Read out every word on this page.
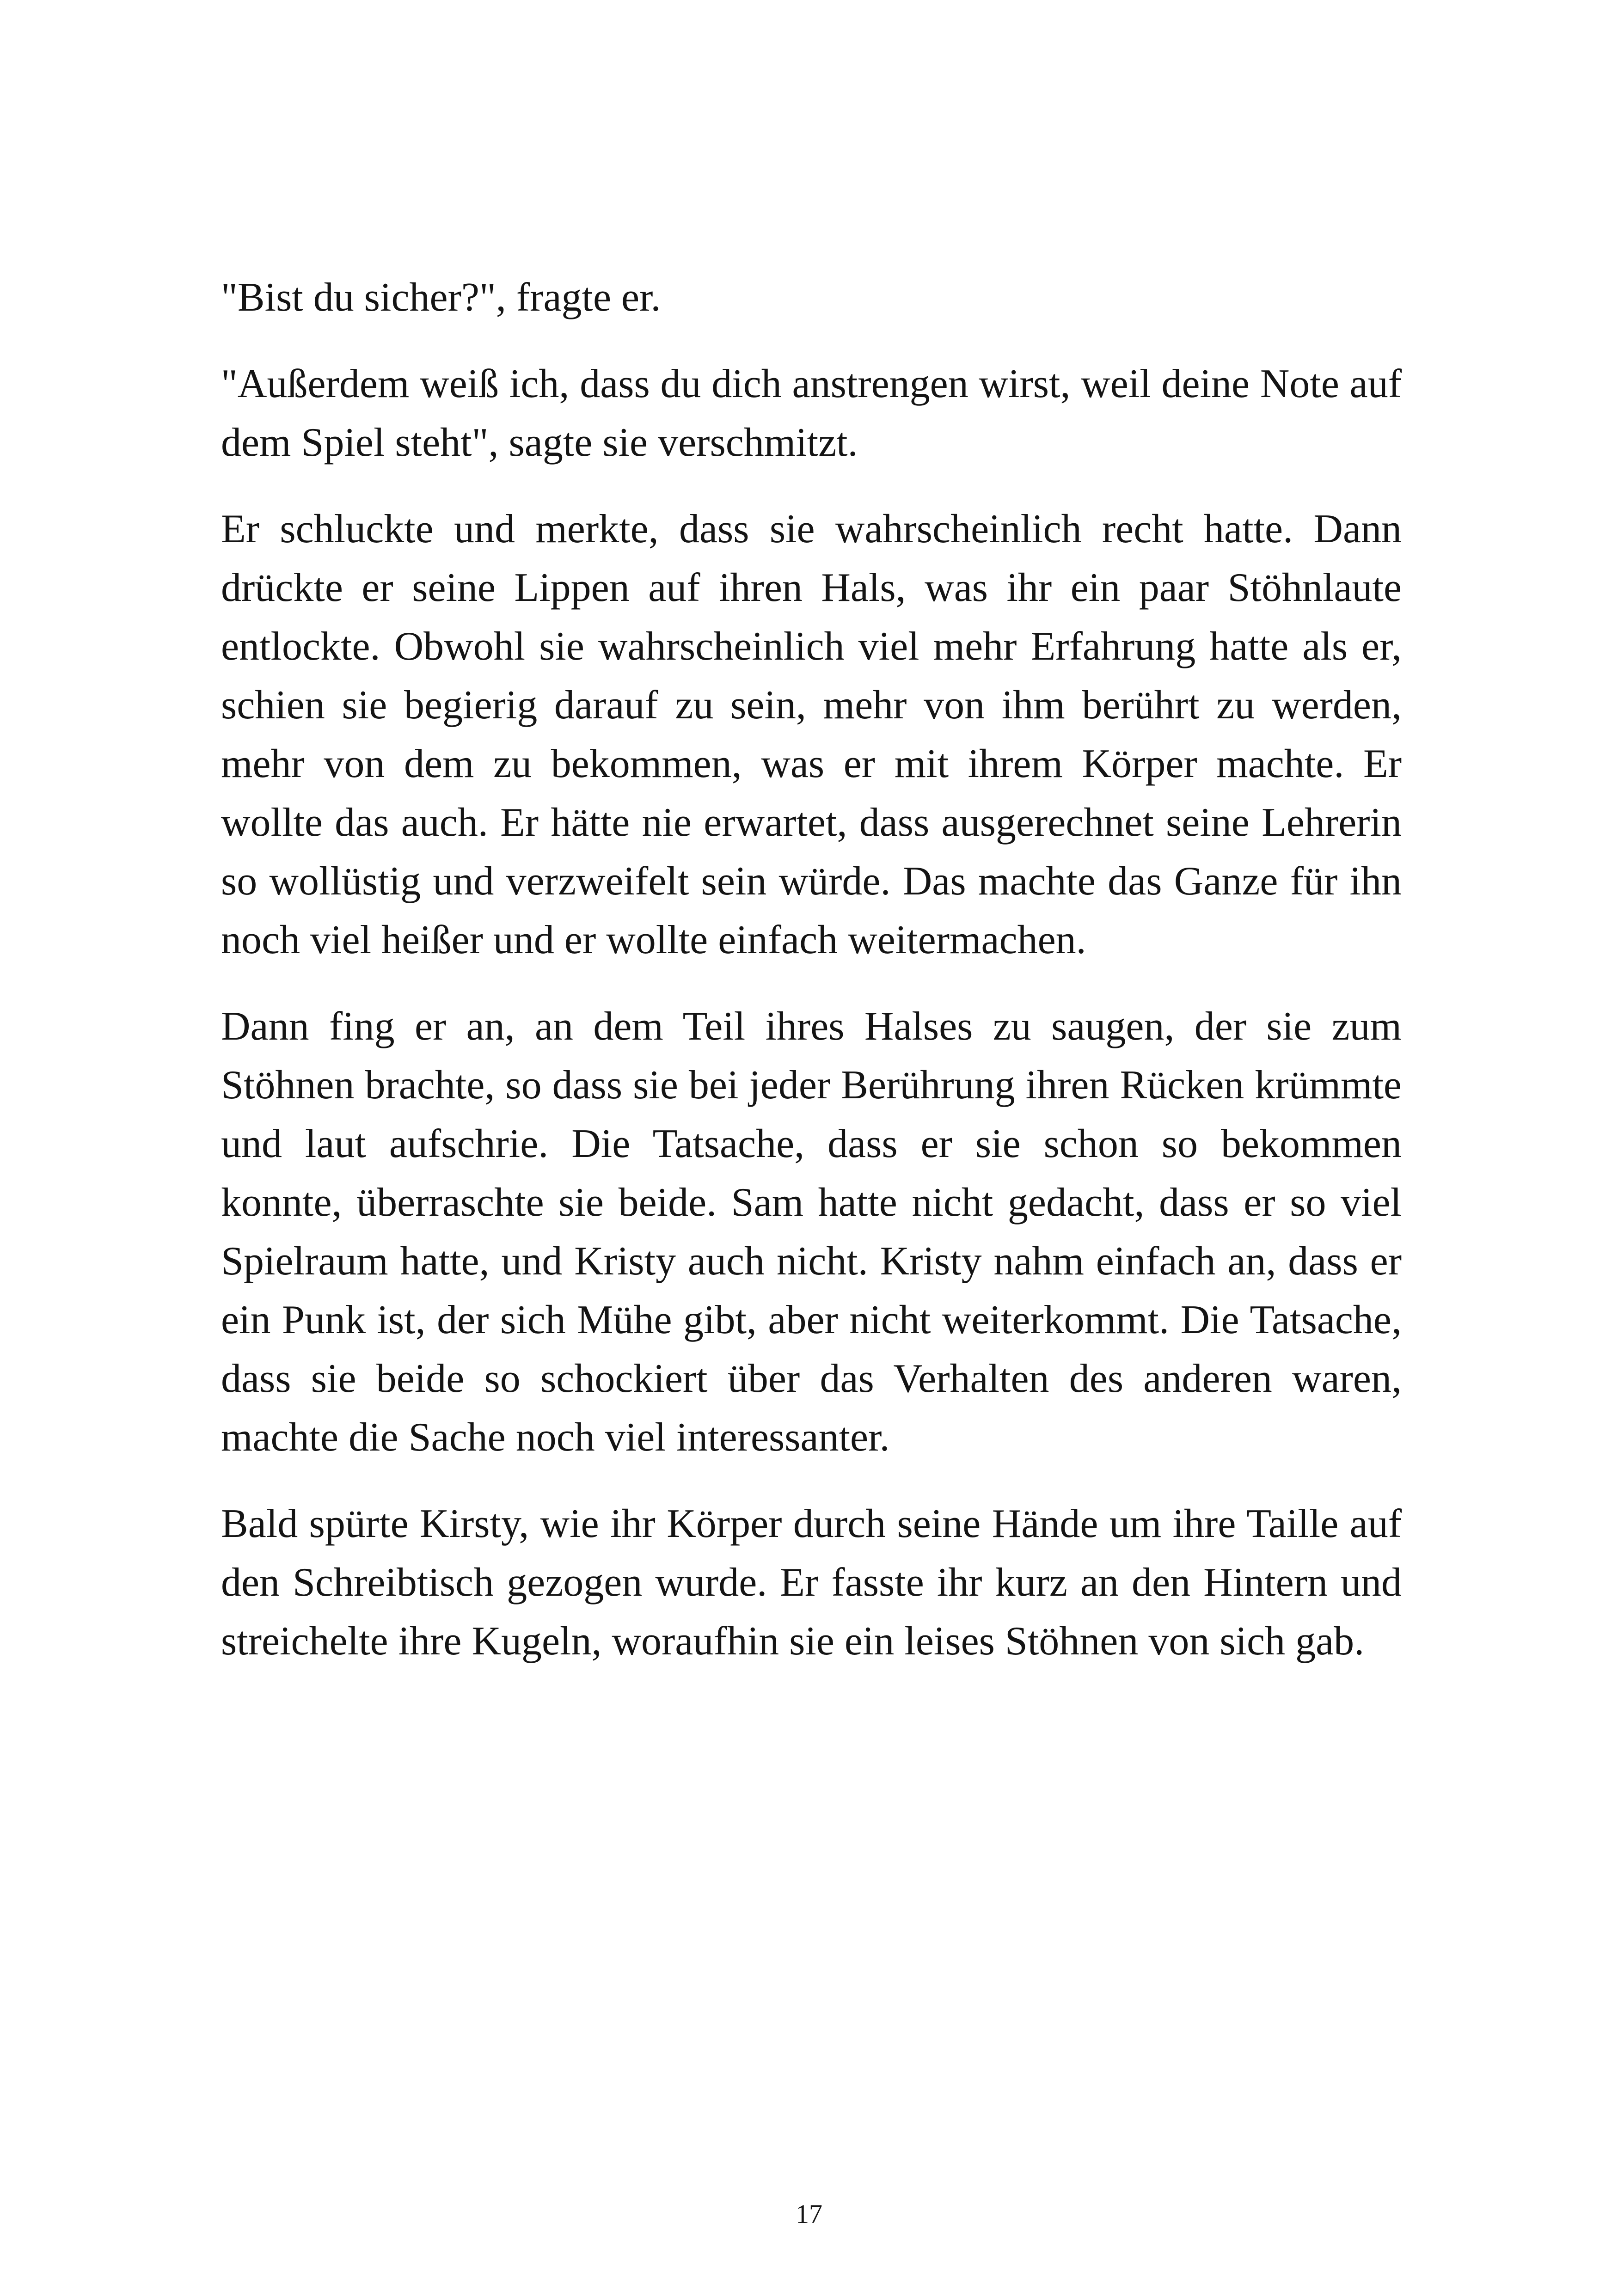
"Bist du sicher?", fragte er.

"Außerdem weiß ich, dass du dich anstrengen wirst, weil deine Note auf dem Spiel steht", sagte sie verschmitzt.

Er schluckte und merkte, dass sie wahrscheinlich recht hatte. Dann drückte er seine Lippen auf ihren Hals, was ihr ein paar Stöhnlaute entlockte. Obwohl sie wahrscheinlich viel mehr Erfahrung hatte als er, schien sie begierig darauf zu sein, mehr von ihm berührt zu werden, mehr von dem zu bekommen, was er mit ihrem Körper machte. Er wollte das auch. Er hätte nie erwartet, dass ausgerechnet seine Lehrerin so wollüstig und verzweifelt sein würde. Das machte das Ganze für ihn noch viel heißer und er wollte einfach weitermachen.

Dann fing er an, an dem Teil ihres Halses zu saugen, der sie zum Stöhnen brachte, so dass sie bei jeder Berührung ihren Rücken krümmte und laut aufschrie. Die Tatsache, dass er sie schon so bekommen konnte, überraschte sie beide. Sam hatte nicht gedacht, dass er so viel Spielraum hatte, und Kristy auch nicht. Kristy nahm einfach an, dass er ein Punk ist, der sich Mühe gibt, aber nicht weiterkommt. Die Tatsache, dass sie beide so schockiert über das Verhalten des anderen waren, machte die Sache noch viel interessanter.

Bald spürte Kirsty, wie ihr Körper durch seine Hände um ihre Taille auf den Schreibtisch gezogen wurde. Er fasste ihr kurz an den Hintern und streichelte ihre Kugeln, woraufhin sie ein leises Stöhnen von sich gab.

17
